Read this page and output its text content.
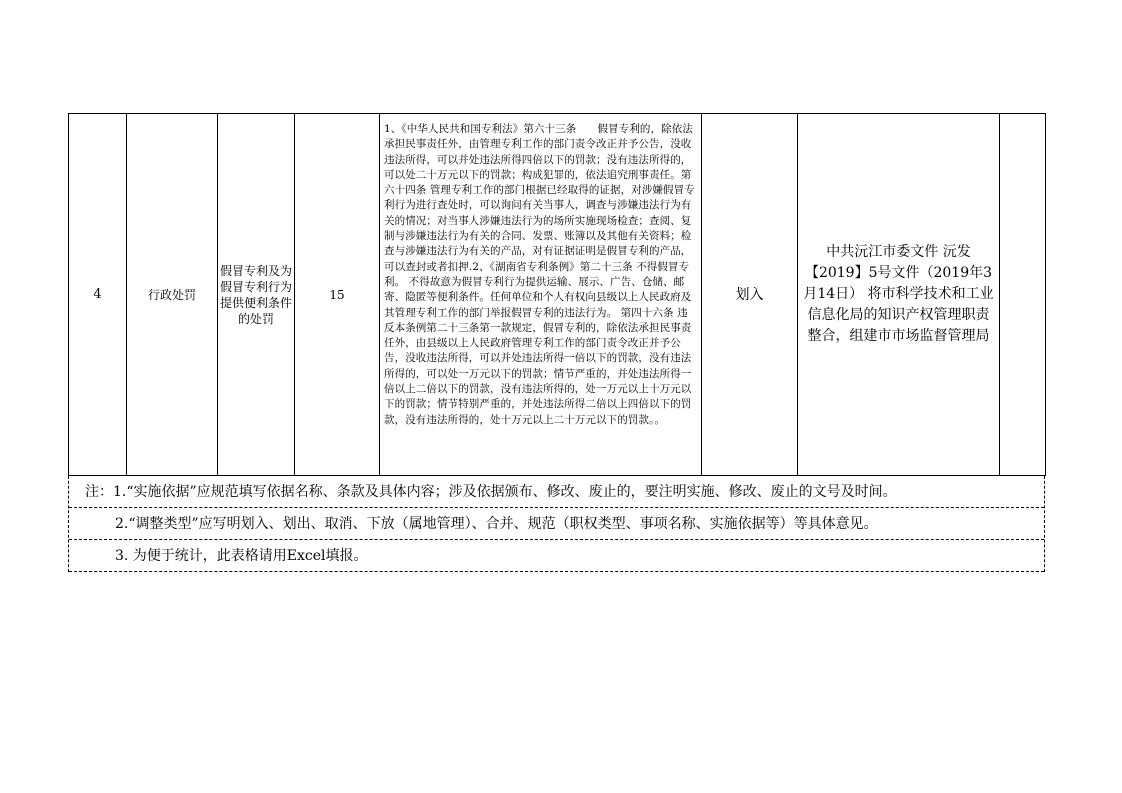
4	行政处罚	假冒专利及为假冒专利行为提供便利条件的处罚	15	1、《中华人民共和国专利法》第六十三条　　假冒专利的，除依法承担民事责任外，由管理专利工作的部门责令改正并予公告，没收违法所得，可以并处违法所得四倍以下的罚款；没有违法所得的，可以处二十万元以下的罚款；构成犯罪的，依法追究刑事责任。第六十四条 管理专利工作的部门根据已经取得的证据，对涉嫌假冒专利行为进行查处时，可以询问有关当事人，调查与涉嫌违法行为有关的情况；对当事人涉嫌违法行为的场所实施现场检查；查阅、复制与涉嫌违法行为有关的合同、发票、账簿以及其他有关资料；检查与涉嫌违法行为有关的产品，对有证据证明是假冒专利的产品，可以查封或者扣押.2、《湖南省专利条例》第二十三条 不得假冒专利。 不得故意为假冒专利行为提供运输、展示、广告、仓储、邮寄、隐匿等便利条件。任何单位和个人有权向县级以上人民政府及其管理专利工作的部门举报假冒专利的违法行为。 第四十六条 违反本条例第二十三条第一款规定，假冒专利的，除依法承担民事责任外，由县级以上人民政府管理专利工作的部门责令改正并予公告，没收违法所得，可以并处违法所得一倍以下的罚款，没有违法所得的，可以处一万元以下的罚款；情节严重的，并处违法所得一倍以上二倍以下的罚款，没有违法所得的，处一万元以上十万元以下的罚款；情节特别严重的，并处违法所得二倍以上四倍以下的罚款，没有违法所得的，处十万元以上二十万元以下的罚款。。	划入	中共沅江市委文件 沅发【2019】5号文件（2019年3月14日） 将市科学技术和工业信息化局的知识产权管理职责整合，组建市市场监督管理局	
注：1.“实施依据”应规范填写依据名称、条款及具体内容；涉及依据颁布、修改、废止的，要注明实施、修改、废止的文号及时间。
2.“调整类型”应写明划入、划出、取消、下放（属地管理）、合并、规范（职权类型、事项名称、实施依据等）等具体意见。
3. 为便于统计，此表格请用Excel填报。
